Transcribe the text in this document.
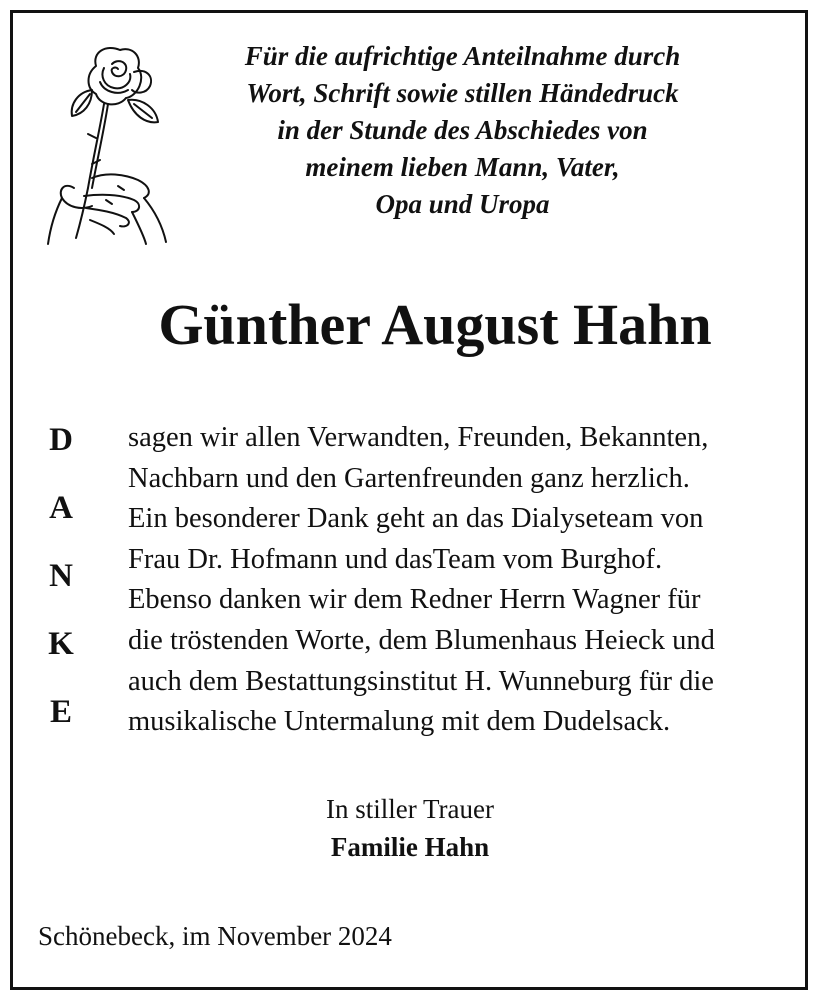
Für die aufrichtige Anteilnahme durch
Wort, Schrift sowie stillen Händedruck
in der Stunde des Abschiedes von
meinem lieben Mann, Vater,
Opa und Uropa
Günther August Hahn
D
A
N
K
E
sagen wir allen Verwandten, Freunden, Bekannten,
Nachbarn und den Gartenfreunden ganz herzlich.
Ein besonderer Dank geht an das Dialyseteam von
Frau Dr. Hofmann und dasTeam vom Burghof.
Ebenso danken wir dem Redner Herrn Wagner für
die tröstenden Worte, dem Blumenhaus Heieck und
auch dem Bestattungsinstitut H. Wunneburg für die
musikalische Untermalung mit dem Dudelsack.
In stiller Trauer
Familie Hahn
Schönebeck, im November 2024
